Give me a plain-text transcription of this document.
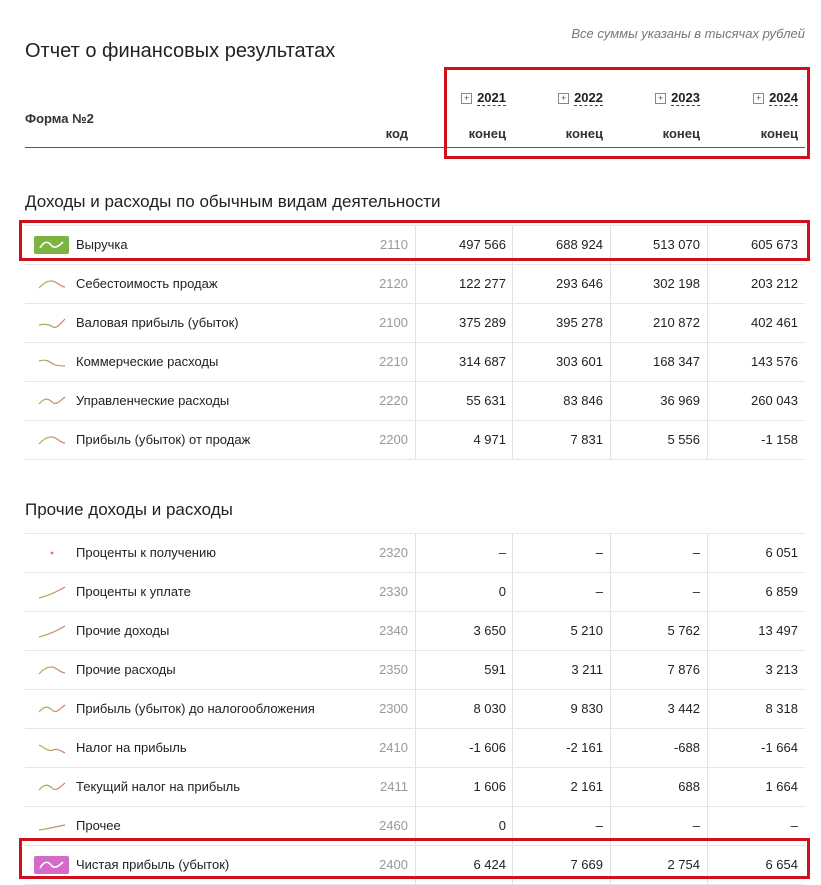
Все суммы указаны в тысячах рублей
Отчет о финансовых результатах
Форма №2
код
+ 2021	+ 2022	+ 2023	+ 2024
конец	конец	конец	конец
Доходы и расходы по обычным видам деятельности
Выручка	2110	497 566	688 924	513 070	605 673
Себестоимость продаж	2120	122 277	293 646	302 198	203 212
Валовая прибыль (убыток)	2100	375 289	395 278	210 872	402 461
Коммерческие расходы	2210	314 687	303 601	168 347	143 576
Управленческие расходы	2220	55 631	83 846	36 969	260 043
Прибыль (убыток) от продаж	2200	4 971	7 831	5 556	-1 158
Прочие доходы и расходы
Проценты к получению	2320	–	–	–	6 051
Проценты к уплате	2330	0	–	–	6 859
Прочие доходы	2340	3 650	5 210	5 762	13 497
Прочие расходы	2350	591	3 211	7 876	3 213
Прибыль (убыток) до налогообложения	2300	8 030	9 830	3 442	8 318
Налог на прибыль	2410	-1 606	-2 161	-688	-1 664
Текущий налог на прибыль	2411	1 606	2 161	688	1 664
Прочее	2460	0	–	–	–
Чистая прибыль (убыток)	2400	6 424	7 669	2 754	6 654
